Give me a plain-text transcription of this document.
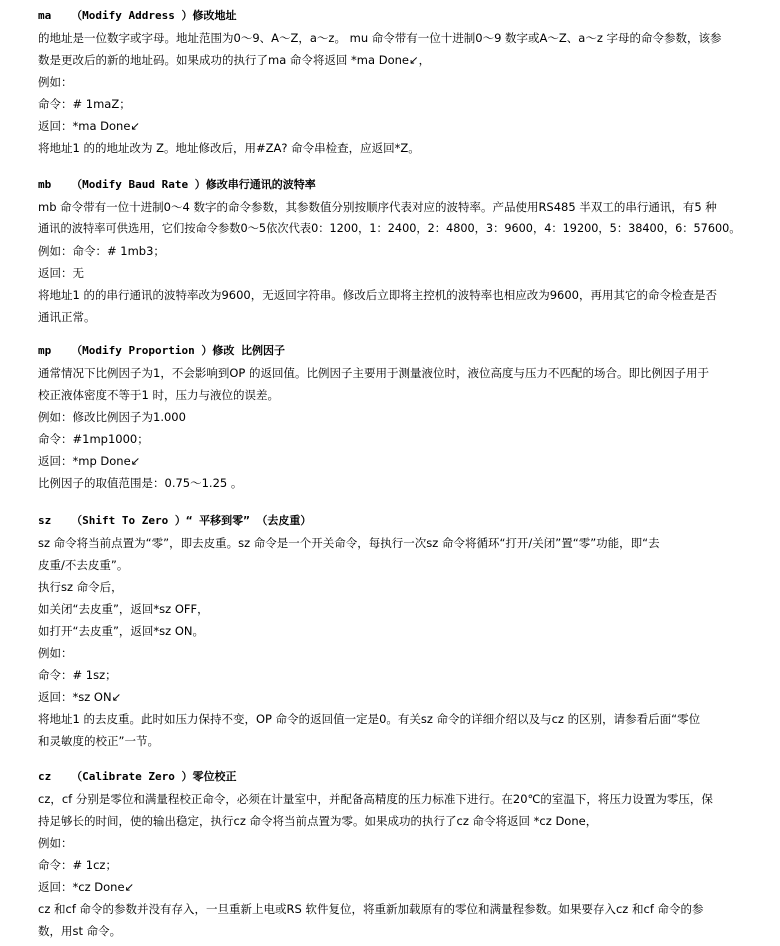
ma   （Modify Address ）修改地址
的地址是一位数字或字母。地址范围为0～9、A～Z，a～z。 mu 命令带有一位十进制0～9 数字或A～Z、a～z 字母的命令参数，该参
数是更改后的新的地址码。如果成功的执行了ma 命令将返回 *ma Done↙，
例如：
命令：# 1maZ；
返回：*ma Done↙
将地址1 的的地址改为 Z。地址修改后，用#ZA? 命令串检查，应返回*Z。
mb   （Modify Baud Rate ）修改串行通讯的波特率
mb 命令带有一位十进制0～4 数字的命令参数，其参数值分别按顺序代表对应的波特率。产品使用RS485 半双工的串行通讯，有5 种
通讯的波特率可供选用，它们按命令参数0～5依次代表0：1200，1：2400，2：4800，3：9600，4：19200，5：38400，6：57600。
例如：命令：# 1mb3；
返回：无
将地址1 的的串行通讯的波特率改为9600，无返回字符串。修改后立即将主控机的波特率也相应改为9600，再用其它的命令检查是否
通讯正常。
mp   （Modify Proportion ）修改 比例因子
通常情况下比例因子为1，不会影响到OP 的返回值。比例因子主要用于测量液位时，液位高度与压力不匹配的场合。即比例因子用于
校正液体密度不等于1 时，压力与液位的误差。
例如：修改比例因子为1.000
命令：#1mp1000；
返回：*mp Done↙
比例因子的取值范围是：0.75～1.25 。
sz   （Shift To Zero ）“ 平移到零” （去皮重）
sz 命令将当前点置为“零”，即去皮重。sz 命令是一个开关命令，每执行一次sz 命令将循环“打开/关闭”置“零”功能，即“去
皮重/不去皮重”。
执行sz 命令后，
如关闭“去皮重”，返回*sz OFF，
如打开“去皮重”，返回*sz ON。
例如：
命令：# 1sz；
返回：*sz ON↙
将地址1 的去皮重。此时如压力保持不变，OP 命令的返回值一定是0。有关sz 命令的详细介绍以及与cz 的区别，请参看后面“零位
和灵敏度的校正”一节。
cz   （Calibrate Zero ）零位校正
cz，cf 分别是零位和满量程校正命令，必须在计量室中，并配备高精度的压力标准下进行。在20℃的室温下，将压力设置为零压，保
持足够长的时间，使的输出稳定，执行cz 命令将当前点置为零。如果成功的执行了cz 命令将返回 *cz Done，
例如：
命令：# 1cz；
返回：*cz Done↙
cz 和cf 命令的参数并没有存入，一旦重新上电或RS 软件复位，将重新加载原有的零位和满量程参数。如果要存入cz 和cf 命令的参
数，用st 命令。
